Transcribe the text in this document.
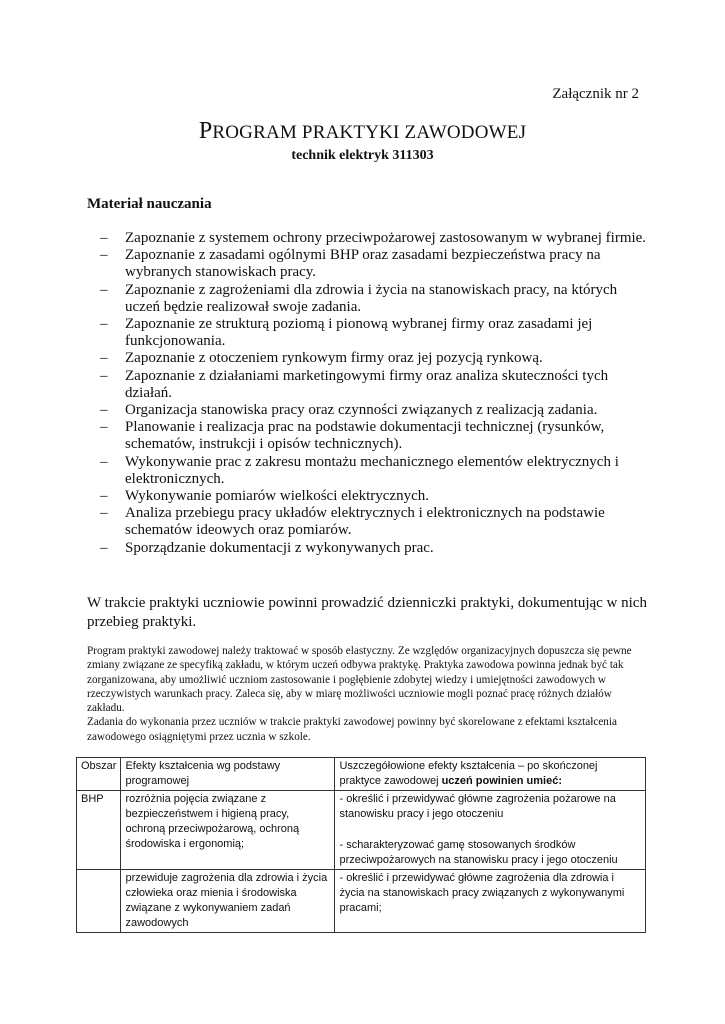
Załącznik nr 2
PROGRAM PRAKTYKI ZAWODOWEJ
technik elektryk 311303
Materiał nauczania
– Zapoznanie z systemem ochrony przeciwpożarowej zastosowanym w wybranej firmie.
– Zapoznanie z zasadami ogólnymi BHP oraz zasadami bezpieczeństwa pracy na wybranych stanowiskach pracy.
– Zapoznanie z zagrożeniami dla zdrowia i życia na stanowiskach pracy, na których uczeń będzie realizował swoje zadania.
– Zapoznanie ze strukturą poziomą i pionową wybranej firmy oraz zasadami jej funkcjonowania.
– Zapoznanie z otoczeniem rynkowym firmy oraz jej pozycją rynkową.
– Zapoznanie z działaniami marketingowymi firmy oraz analiza skuteczności tych działań.
– Organizacja stanowiska pracy oraz czynności związanych z realizacją zadania.
– Planowanie i realizacja prac na podstawie dokumentacji technicznej (rysunków, schematów, instrukcji i opisów technicznych).
– Wykonywanie prac z zakresu montażu mechanicznego elementów elektrycznych i elektronicznych.
– Wykonywanie pomiarów wielkości elektrycznych.
– Analiza przebiegu pracy układów elektrycznych i elektronicznych na podstawie schematów ideowych oraz pomiarów.
– Sporządzanie dokumentacji z wykonywanych prac.
W trakcie praktyki uczniowie powinni prowadzić dzienniczki praktyki, dokumentując w nich przebieg praktyki.
Program praktyki zawodowej należy traktować w sposób elastyczny. Ze względów organizacyjnych dopuszcza się pewne zmiany związane ze specyfiką zakładu, w którym uczeń odbywa praktykę. Praktyka zawodowa powinna jednak być tak zorganizowana, aby umożliwić uczniom zastosowanie i pogłębienie zdobytej wiedzy i umiejętności zawodowych w rzeczywistych warunkach pracy. Zaleca się, aby w miarę możliwości uczniowie mogli poznać pracę różnych działów zakładu.
Zadania do wykonania przez uczniów w trakcie praktyki zawodowej powinny być skorelowane z efektami kształcenia zawodowego osiągniętymi przez ucznia w szkole.
Obszar	Efekty kształcenia wg podstawy programowej	Uszczegółowione efekty kształcenia – po skończonej praktyce zawodowej uczeń powinien umieć:
BHP	rozróżnia pojęcia związane z bezpieczeństwem i higieną pracy, ochroną przeciwpożarową, ochroną środowiska i ergonomią;	- określić i przewidywać główne zagrożenia pożarowe na stanowisku pracy i jego otoczeniu
- scharakteryzować gamę stosowanych środków przeciwpożarowych na stanowisku pracy i jego otoczeniu

	przewiduje zagrożenia dla zdrowia i życia człowieka oraz mienia i środowiska związane z wykonywaniem zadań zawodowych	- określić i przewidywać główne zagrożenia dla zdrowia i życia na stanowiskach pracy związanych z wykonywanymi pracami;
